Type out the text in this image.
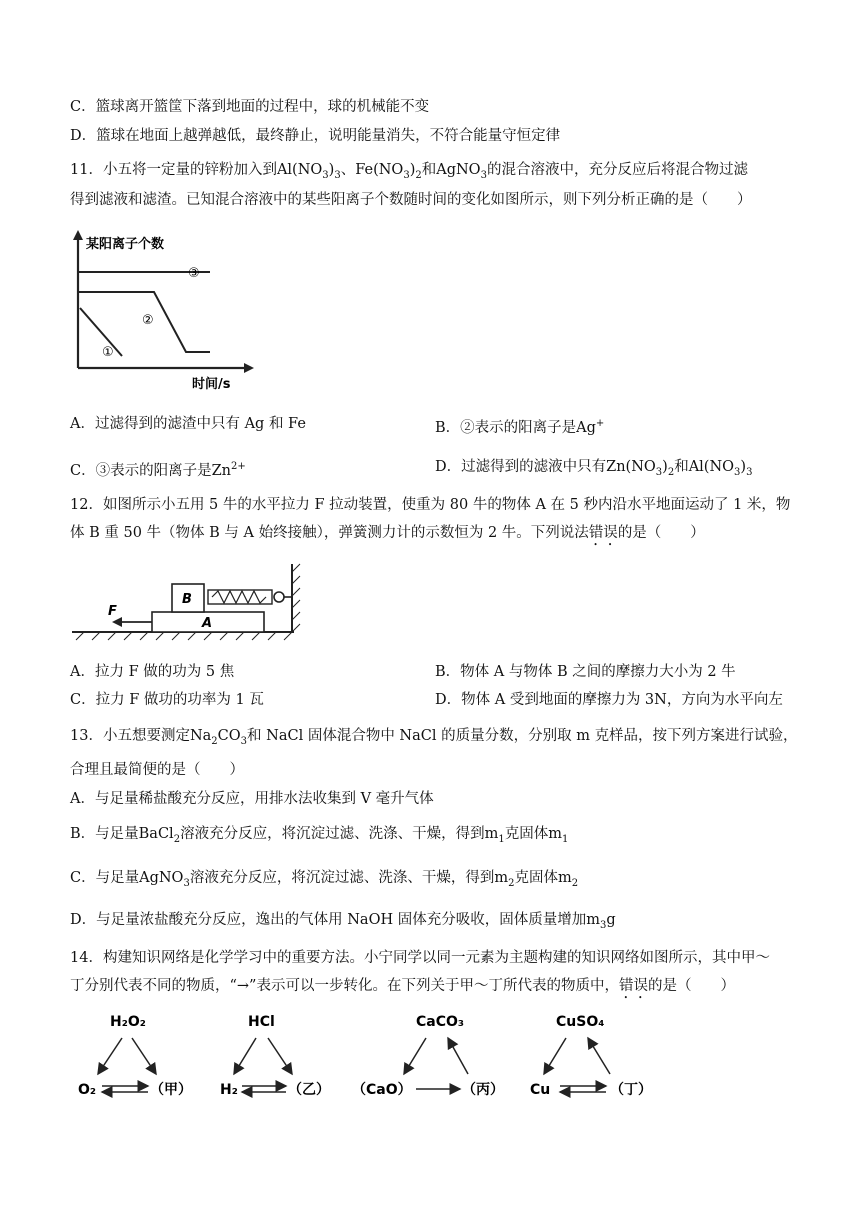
C．篮球离开篮筐下落到地面的过程中，球的机械能不变
D．篮球在地面上越弹越低，最终静止，说明能量消失，不符合能量守恒定律
11．小五将一定量的锌粉加入到$Al(NO_3)_3$、$Fe(NO_3)_2$和AgNO$_3$的混合溶液中，充分反应后将混合物过滤
得到滤液和滤渣。已知混合溶液中的某些阳离子个数随时间的变化如图所示，则下列分析正确的是（　　）
某阳离子个数
时间/s
③
②
①
A．过滤得到的滤渣中只有 Ag 和 Fe	B．②表示的阳离子是Ag+
C．③表示的阳离子是$Zn^{2+}$	D．过滤得到的滤液中只有$Zn(NO_3)_2$和$Al(NO_3)_3$
12．如图所示小五用 5 牛的水平拉力 F 拉动装置，使重为 80 牛的物体 A 在 5 秒内沿水平地面运动了 1 米，物
体 B 重 50 牛（物体 B 与 A 始终接触），弹簧测力计的示数恒为 2 牛。下列说法错误的是（　　）
A
B
F
A．拉力 F 做的功为 5 焦	B．物体 A 与物体 B 之间的摩擦力大小为 2 牛
C．拉力 F 做功的功率为 1 瓦	D．物体 A 受到地面的摩擦力为 3N，方向为水平向左
13．小五想要测定$Na_2CO_3$和 NaCl 固体混合物中 NaCl 的质量分数，分别取 m 克样品，按下列方案进行试验，
合理且最简便的是（　　）
A．与足量稀盐酸充分反应，用排水法收集到 V 毫升气体
B．与足量BaCl$_2$溶液充分反应，将沉淀过滤、洗涤、干燥，得到$m_1$克固体$m_1$
C．与足量AgNO$_3$溶液充分反应，将沉淀过滤、洗涤、干燥，得到$m_2$克固体$m_2$
D．与足量浓盐酸充分反应，逸出的气体用 NaOH 固体充分吸收，固体质量增加$m_3g$
14．构建知识网络是化学学习中的重要方法。小宁同学以同一元素为主题构建的知识网络如图所示，其中甲～
丁分别代表不同的物质，“→”表示可以一步转化。在下列关于甲～丁所代表的物质中，错误的是（　　）
H₂O₂
O₂	（甲）
HCl
H₂	（乙）
CaCO₃
（CaO）	（丙）
CuSO₄
Cu	（丁）
